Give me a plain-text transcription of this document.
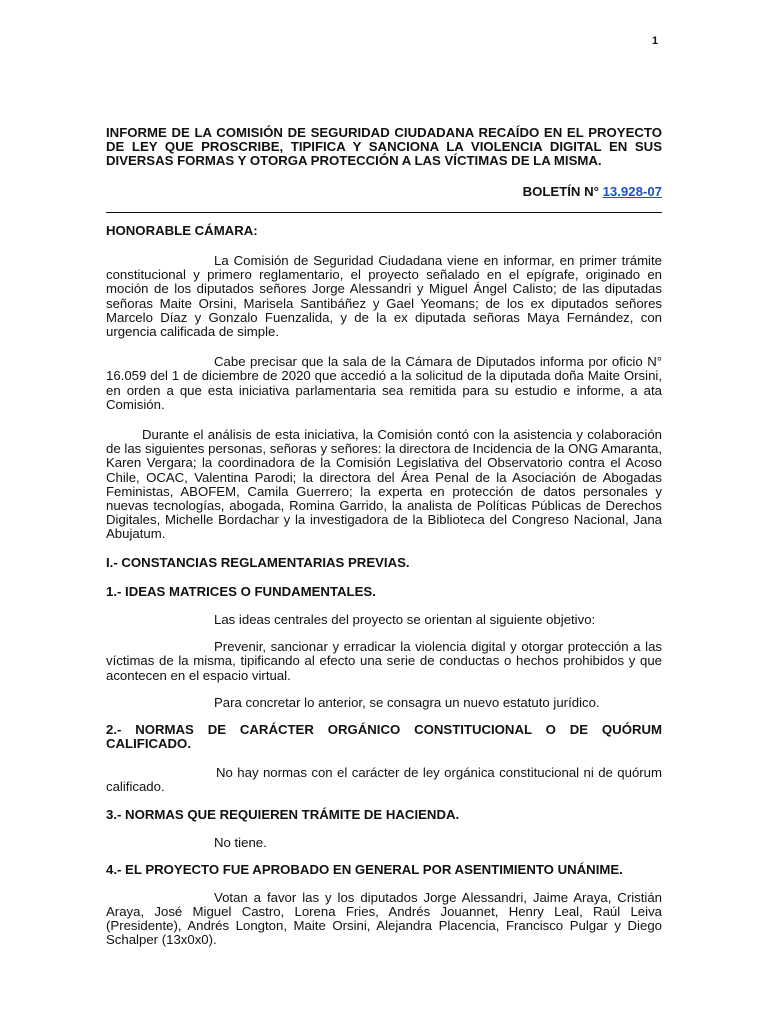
1

INFORME DE LA COMISIÓN DE SEGURIDAD CIUDADANA RECAÍDO EN EL PROYECTO DE LEY QUE PROSCRIBE, TIPIFICA Y SANCIONA LA VIOLENCIA DIGITAL EN SUS DIVERSAS FORMAS Y OTORGA PROTECCIÓN A LAS VÍCTIMAS DE LA MISMA.

BOLETÍN N° 13.928-07
HONORABLE CÁMARA:

La Comisión de Seguridad Ciudadana viene en informar, en primer trámite constitucional y primero reglamentario, el proyecto señalado en el epígrafe, originado en moción de los diputados señores Jorge Alessandri y Miguel Ángel Calisto; de las diputadas señoras Maite Orsini, Marisela Santibáñez y Gael Yeomans; de los ex diputados señores Marcelo Díaz y Gonzalo Fuenzalida, y de la ex diputada señoras Maya Fernández, con urgencia calificada de simple.

Cabe precisar que la sala de la Cámara de Diputados informa por oficio N° 16.059 del 1 de diciembre de 2020 que accedió a la solicitud de la diputada doña Maite Orsini, en orden a que esta iniciativa parlamentaria sea remitida para su estudio e informe, a ata Comisión.

Durante el análisis de esta iniciativa, la Comisión contó con la asistencia y colaboración de las siguientes personas, señoras y señores: la directora de Incidencia de la ONG Amaranta, Karen Vergara; la coordinadora de la Comisión Legislativa del Observatorio contra el Acoso Chile, OCAC, Valentina Parodi; la directora del Área Penal de la Asociación de Abogadas Feministas, ABOFEM, Camila Guerrero; la experta en protección de datos personales y nuevas tecnologías, abogada, Romina Garrido, la analista de Políticas Públicas de Derechos Digitales, Michelle Bordachar y la investigadora de la Biblioteca del Congreso Nacional, Jana Abujatum.

I.- CONSTANCIAS REGLAMENTARIAS PREVIAS.
1.- IDEAS MATRICES O FUNDAMENTALES.

Las ideas centrales del proyecto se orientan al siguiente objetivo:

Prevenir, sancionar y erradicar la violencia digital y otorgar protección a las víctimas de la misma, tipificando al efecto una serie de conductas o hechos prohibidos y que acontecen en el espacio virtual.

Para concretar lo anterior, se consagra un nuevo estatuto jurídico.

2.- NORMAS DE CARÁCTER ORGÁNICO CONSTITUCIONAL O DE QUÓRUM CALIFICADO.

No hay normas con el carácter de ley orgánica constitucional ni de quórum calificado.

3.- NORMAS QUE REQUIEREN TRÁMITE DE HACIENDA.

No tiene.

4.- EL PROYECTO FUE APROBADO EN GENERAL POR ASENTIMIENTO UNÁNIME.

Votan a favor las y los diputados Jorge Alessandri, Jaime Araya, Cristián Araya, José Miguel Castro, Lorena Fries, Andrés Jouannet, Henry Leal, Raúl Leiva (Presidente), Andrés Longton, Maite Orsini, Alejandra Placencia, Francisco Pulgar y Diego Schalper (13x0x0).
